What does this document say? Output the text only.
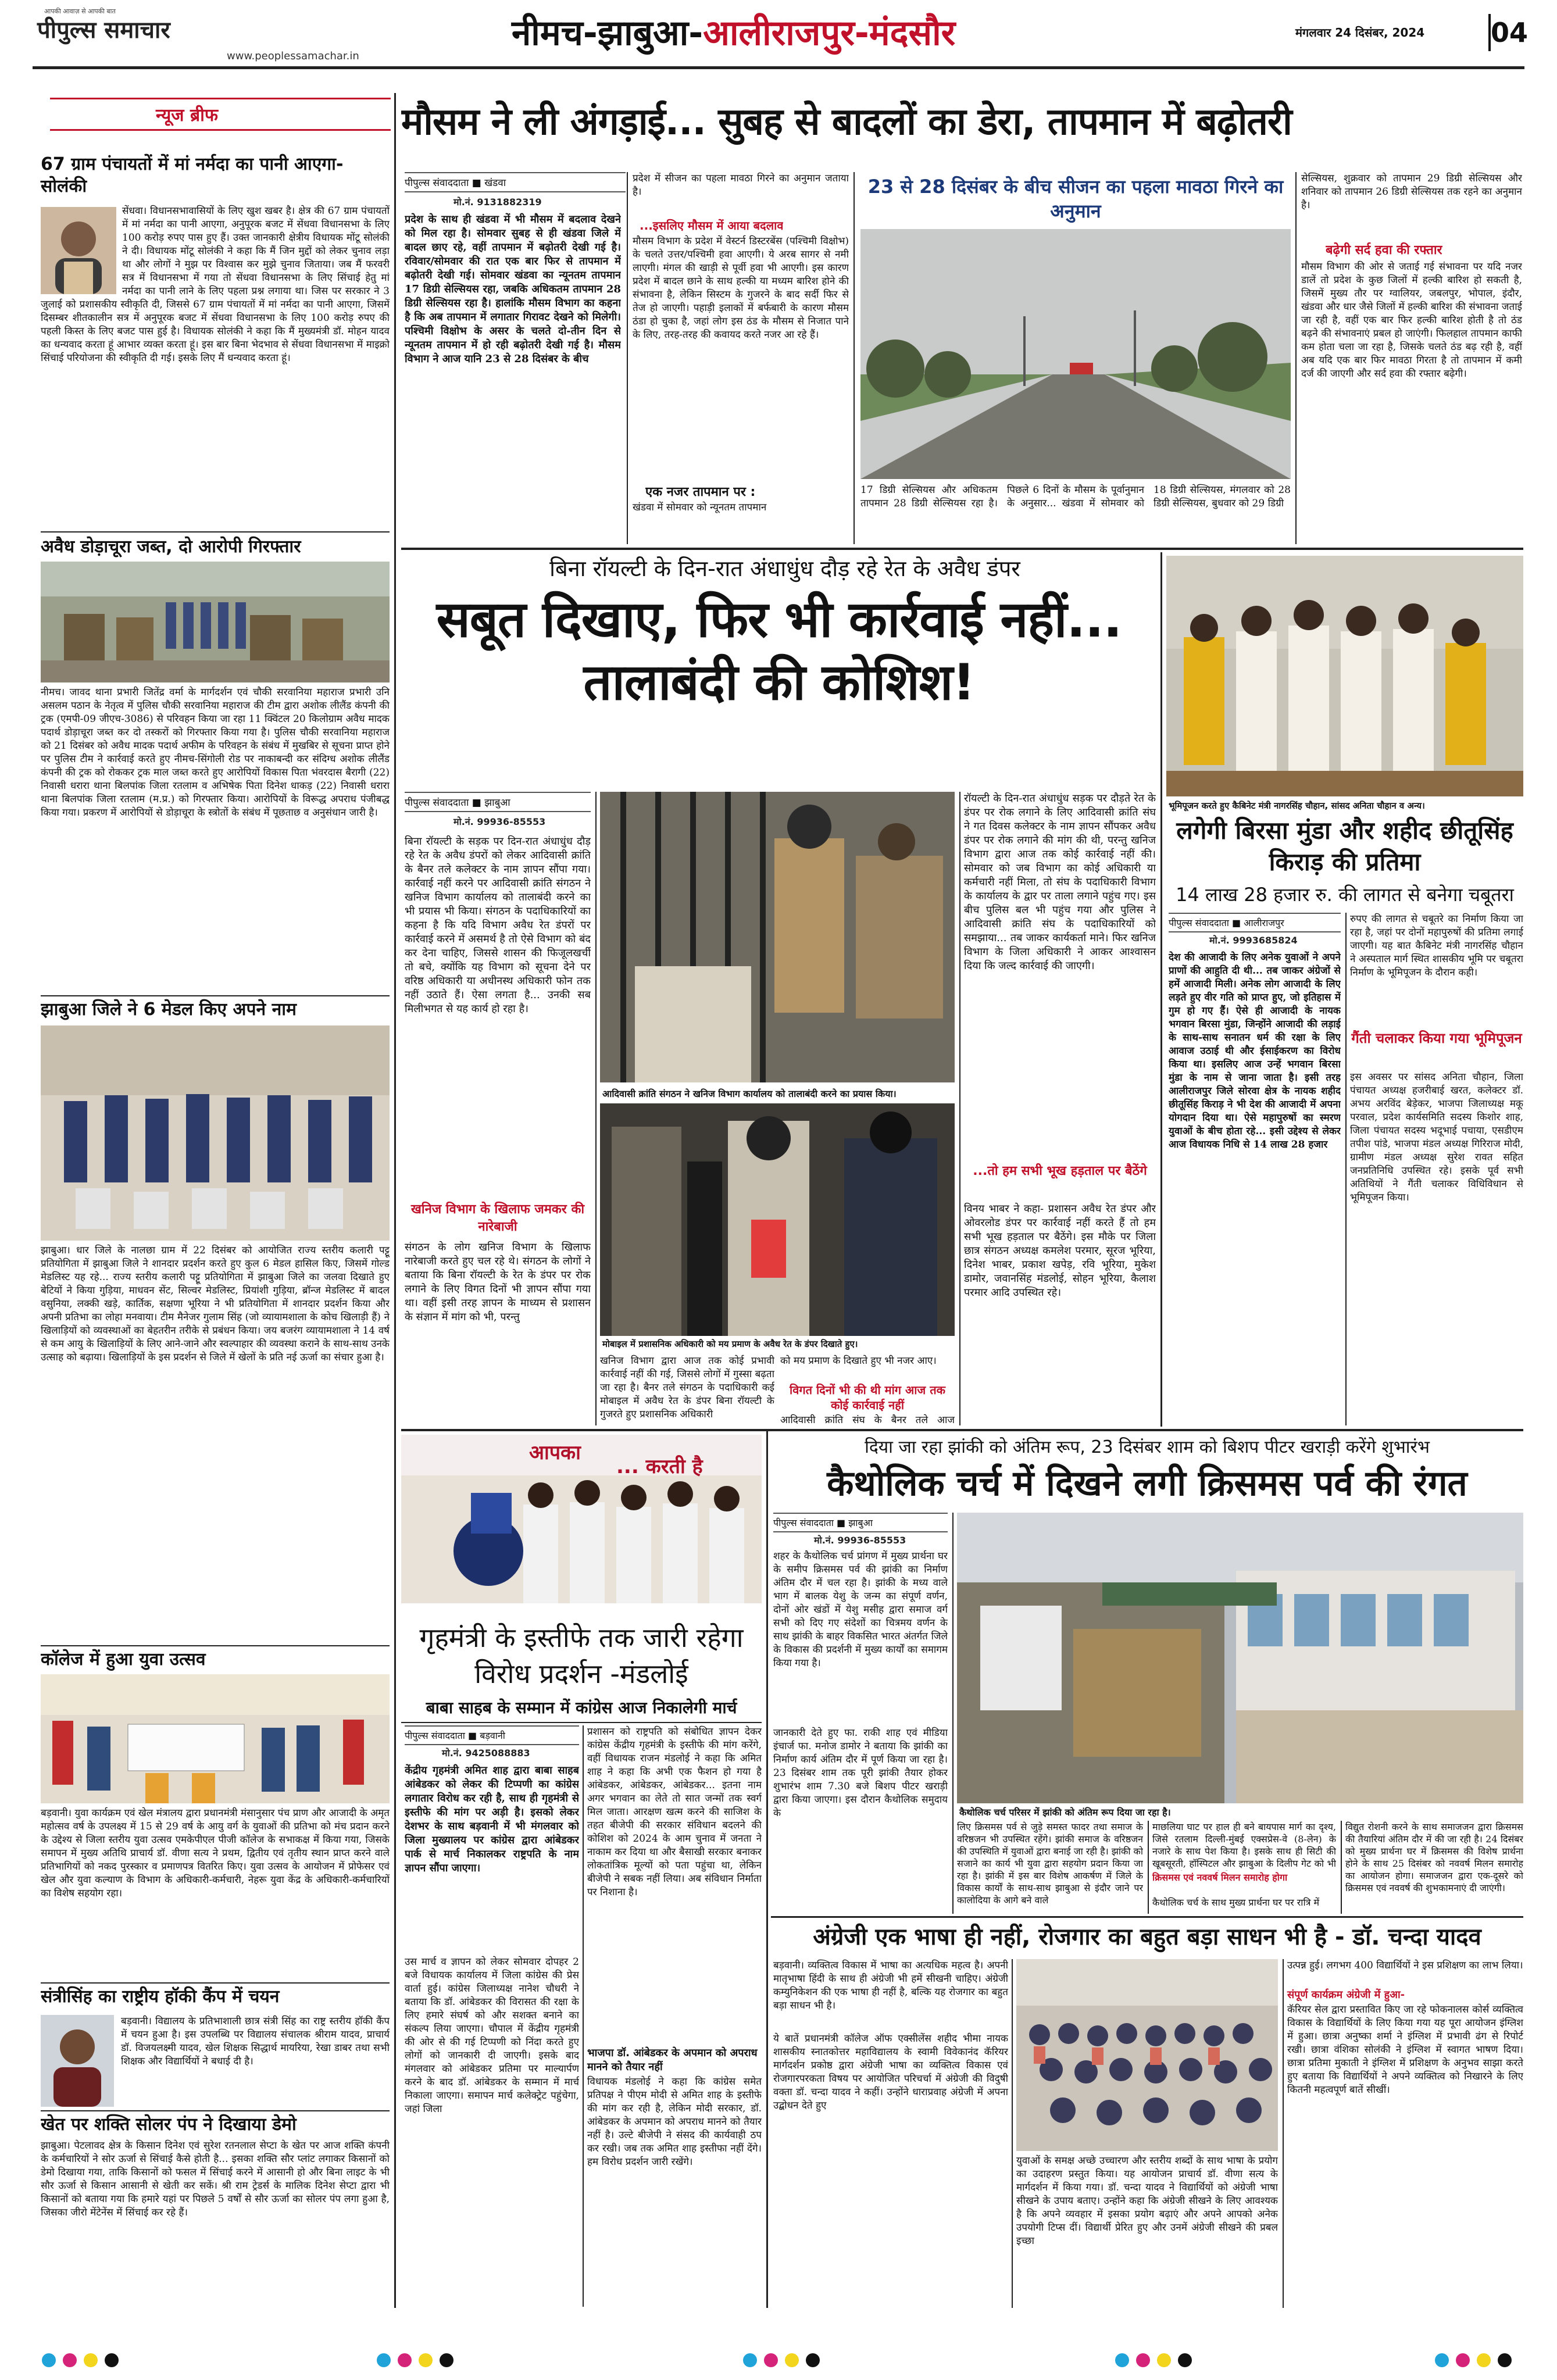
पीपुल्स समाचार
आपकी आवाज़ से आपकी बात
www.peoplessamachar.in
नीमच-झाबुआ-आलीराजपुर-मंदसौर	मंगलवार 24 दिसंबर, 2024 04
न्यूज ब्रीफ
67 ग्राम पंचायतों में मां नर्मदा का पानी आएगा- सोलंकी
सेंधवा। विधानसभावासियों के लिए खुश खबर है। क्षेत्र की 67 ग्राम पंचायतों में मां नर्मदा का पानी आएगा, अनुपूरक बजट में सेंधवा विधानसभा के लिए 100 करोड़ रुपए पास हुए हैं। उक्त जानकारी क्षेत्रीय विधायक मोंटू सोलंकी ने दी। विधायक मोंटू सोलंकी ने कहा कि मैं जिन मुद्दों को लेकर चुनाव लड़ा था और लोगों ने मुझ पर विश्वास कर मुझे चुनाव जिताया। जब मैं फरवरी सत्र में विधानसभा में गया तो सेंधवा विधानसभा के लिए सिंचाई हेतु मां नर्मदा का पानी लाने के लिए पहला प्रश्न लगाया था। जिस पर सरकार ने 3 जुलाई को प्रशासकीय स्वीकृति दी, जिससे 67 ग्राम पंचायतों में मां नर्मदा का पानी आएगा, जिसमें दिसम्बर शीतकालीन सत्र में अनुपूरक बजट में सेंधवा विधानसभा के लिए 100 करोड़ रुपए की पहली किस्त के लिए बजट पास हुई है। विधायक सोलंकी ने कहा कि मैं मुख्यमंत्री डॉ. मोहन यादव का धन्यवाद करता हूं आभार व्यक्त करता हूं। इस बार बिना भेदभाव से सेंधवा विधानसभा में माइक्रो सिंचाई परियोजना की स्वीकृति दी गई। इसके लिए मैं धन्यवाद करता हूं।
अवैध डोड़ाचूरा जब्त, दो आरोपी गिरफ्तार
नीमच। जावद थाना प्रभारी जितेंद्र वर्मा के मार्गदर्शन एवं चौकी सरवानिया महाराज प्रभारी उनि असलम पठान के नेतृत्व में पुलिस चौकी सरवानिया महाराज की टीम द्वारा अशोक लीलैंड कंपनी की ट्रक (एमपी-09 जीएच-3086) से परिवहन किया जा रहा 11 क्विंटल 20 किलोग्राम अवैध मादक पदार्थ डोड़ाचूरा जब्त कर दो तस्करों को गिरफ्तार किया गया है। पुलिस चौकी सरवानिया महाराज को 21 दिसंबर को अवैध मादक पदार्थ अफीम के परिवहन के संबंध में मुखबिर से सूचना प्राप्त होने पर पुलिस टीम ने कार्रवाई करते हुए नीमच-सिंगोली रोड पर नाकाबन्दी कर संदिग्ध अशोक लीलैंड कंपनी की ट्रक को रोककर ट्रक माल जब्त करते हुए आरोपियों विकास पिता भंवरदास बैरागी (22) निवासी धरारा थाना बिलपांक जिला रतलाम व अभिषेक पिता दिनेश धाकड़ (22) निवासी धरारा थाना बिलपांक जिला रतलाम (म.प्र.) को गिरफ्तार किया। आरोपियों के विरूद्ध अपराध पंजीबद्ध किया गया। प्रकरण में आरोपियों से डोड़ाचूरा के स्त्रोतों के संबंध में पूछताछ व अनुसंधान जारी है।
झाबुआ जिले ने 6 मेडल किए अपने नाम
झाबुआ। धार जिले के नालछा ग्राम में 22 दिसंबर को आयोजित राज्य स्तरीय कलारी पट्टू प्रतियोगिता में झाबुआ जिले ने शानदार प्रदर्शन करते हुए कुल 6 मेडल हासिल किए, जिसमें गोल्ड मेडलिस्ट यह रहे... राज्य स्तरीय कलारी पट्टू प्रतियोगिता में झाबुआ जिले का जलवा दिखाते हुए बेटियों ने किया गुड़िया, माधवन सेंट, सिल्वर मेडलिस्ट, प्रियांशी गुड़िया, ब्रॉन्ज मेडलिस्ट में बादल वसुनिया, लक्की खड़े, कार्तिक, सक्षणा भूरिया ने भी प्रतियोगिता में शानदार प्रदर्शन किया और अपनी प्रतिभा का लोहा मनवाया। टीम मैनेजर गुलाम सिंह (जो व्यायामशाला के कोच खिलाड़ी हैं) ने खिलाड़ियों को व्यवस्थाओं का बेहतरीन तरीके से प्रबंधन किया। जय बजरंग व्यायामशाला ने 14 वर्ष से कम आयु के खिलाड़ियों के लिए आने-जाने और स्वल्पाहार की व्यवस्था कराने के साथ-साथ उनके उत्साह को बढ़ाया। खिलाड़ियों के इस प्रदर्शन से जिले में खेलों के प्रति नई ऊर्जा का संचार हुआ है।
कॉलेज में हुआ युवा उत्सव
बड़वानी। युवा कार्यक्रम एवं खेल मंत्रालय द्वारा प्रधानमंत्री मंसानुसार पंच प्राण और आजादी के अमृत महोत्सव वर्ष के उपलक्ष्य में 15 से 29 वर्ष के आयु वर्ग के युवाओं की प्रतिभा को मंच प्रदान करने के उद्देश्य से जिला स्तरीय युवा उत्सव एमकेपीएल पीजी कॉलेज के सभाकक्ष में किया गया, जिसके समापन में मुख्य अतिथि प्राचार्य डॉ. वीणा सत्य ने प्रथम, द्वितीय एवं तृतीय स्थान प्राप्त करने वाले प्रतिभागियों को नकद पुरस्कार व प्रमाणपत्र वितरित किए। युवा उत्सव के आयोजन में प्रोफेसर एवं खेल और युवा कल्याण के विभाग के अधिकारी-कर्मचारी, नेहरू युवा केंद्र के अधिकारी-कर्मचारियों का विशेष सहयोग रहा।
संत्रीसिंह का राष्ट्रीय हॉकी कैंप में चयन
बड़वानी। विद्यालय के प्रतिभाशाली छात्र संत्री सिंह का राष्ट्र स्तरीय हॉकी कैंप में चयन हुआ है। इस उपलब्धि पर विद्यालय संचालक श्रीराम यादव, प्राचार्य डॉ. विजयलक्ष्मी यादव, खेल शिक्षक सिद्धार्थ मायरिया, रेखा डाबर तथा सभी शिक्षक और विद्यार्थियों ने बधाई दी है।
खेत पर शक्ति सोलर पंप ने दिखाया डेमो
झाबुआ। पेटलावद क्षेत्र के किसान दिनेश एवं सुरेश रतनलाल सेप्टा के खेत पर आज शक्ति कंपनी के कर्मचारियों ने सोर ऊर्जा से सिंचाई कैसे होती है... इसका शक्ति सौर प्लांट लगाकर किसानों को डेमो दिखाया गया, ताकि किसानों को फसल में सिंचाई करने में आसानी हो और बिना लाइट के भी सौर ऊर्जा से किसान आसानी से खेती कर सकें। श्री राम ट्रेडर्स के मालिक दिनेश सेप्टा द्वारा भी किसानों को बताया गया कि हमारे यहां पर पिछले 5 वर्षों से सौर ऊर्जा का सोलर पंप लगा हुआ है, जिसका जीरो मेंटेनेंस में सिंचाई कर रहे हैं।
मौसम ने ली अंगड़ाई... सुबह से बादलों का डेरा, तापमान में बढ़ोतरी
पीपुल्स संवाददाता ■ खंडवा
मो.नं. 9131882319
प्रदेश के साथ ही खंडवा में भी मौसम में बदलाव देखने को मिल रहा है। सोमवार सुबह से ही खंडवा जिले में बादल छाए रहे, वहीं तापमान में बढ़ोतरी देखी गई है। रविवार/सोमवार की रात एक बार फिर से तापमान में बढ़ोतरी देखी गई। सोमवार खंडवा का न्यूनतम तापमान 17 डिग्री सेल्सियस रहा, जबकि अधिकतम तापमान 28 डिग्री सेल्सियस रहा है। हालांकि मौसम विभाग का कहना है कि अब तापमान में लगातार गिरावट देखने को मिलेगी। पश्चिमी विक्षोभ के असर के चलते दो-तीन दिन से न्यूनतम तापमान में हो रही बढ़ोतरी देखी गई है। मौसम विभाग ने आज यानि 23 से 28 दिसंबर के बीच
प्रदेश में सीजन का पहला मावठा गिरने का अनुमान जताया है।
...इसलिए मौसम में आया बदलाव
मौसम विभाग के प्रदेश में वेस्टर्न डिस्टरबेंस (पश्चिमी विक्षोभ) के चलते उत्तर/पश्चिमी हवा आएगी। ये अरब सागर से नमी लाएगी। मंगल की खाड़ी से पूर्वी हवा भी आएगी। इस कारण प्रदेश में बादल छाने के साथ हल्की या मध्यम बारिश होने की संभावना है, लेकिन सिस्टम के गुजरने के बाद सर्दी फिर से तेज हो जाएगी। पहाड़ी इलाकों में बर्फबारी के कारण मौसम ठंडा हो चुका है, जहां लोग इस ठंड के मौसम से निजात पाने के लिए, तरह-तरह की कवायद करते नजर आ रहे हैं।
एक नजर तापमान पर :
खंडवा में सोमवार को न्यूनतम तापमान
23 से 28 दिसंबर के बीच सीजन का पहला मावठा गिरने का अनुमान
17 डिग्री सेल्सियस और अधिकतम तापमान 28 डिग्री सेल्सियस रहा है। पिछले 6 दिनों के मौसम के पूर्वानुमान के अनुसार... खंडवा में सोमवार को 18 डिग्री सेल्सियस, मंगलवार को 28 डिग्री सेल्सियस, बुधवार को 29 डिग्री
सेल्सियस, शुक्रवार को तापमान 29 डिग्री सेल्सियस और शनिवार को तापमान 26 डिग्री सेल्सियस तक रहने का अनुमान है।
बढ़ेगी सर्द हवा की रफ्तार
मौसम विभाग की ओर से जताई गई संभावना पर यदि नजर डालें तो प्रदेश के कुछ जिलों में हल्की बारिश हो सकती है, जिसमें मुख्य तौर पर ग्वालियर, जबलपुर, भोपाल, इंदौर, खंडवा और धार जैसे जिलों में हल्की बारिश की संभावना जताई जा रही है, वहीं एक बार फिर हल्की बारिश होती है तो ठंड बढ़ने की संभावनाएं प्रबल हो जाएंगी। फिलहाल तापमान काफी कम होता चला जा रहा है, जिसके चलते ठंड बढ़ रही है, वहीं अब यदि एक बार फिर मावठा गिरता है तो तापमान में कमी दर्ज की जाएगी और सर्द हवा की रफ्तार बढ़ेगी।
बिना रॉयल्टी के दिन-रात अंधाधुंध दौड़ रहे रेत के अवैध डंपर
सबूत दिखाए, फिर भी कार्रवाई नहीं... तालाबंदी की कोशिश!
पीपुल्स संवाददाता ■ झाबुआ
मो.नं. 99936-85553
बिना रॉयल्टी के सड़क पर दिन-रात अंधाधुंध दौड़ रहे रेत के अवैध डंपरों को लेकर आदिवासी क्रांति के बैनर तले कलेक्टर के नाम ज्ञापन सौंपा गया। कार्रवाई नहीं करने पर आदिवासी क्रांति संगठन ने खनिज विभाग कार्यालय को तालाबंदी करने का भी प्रयास भी किया। संगठन के पदाधिकारियों का कहना है कि यदि विभाग अवैध रेत डंपरों पर कार्रवाई करने में असमर्थ है तो ऐसे विभाग को बंद कर देना चाहिए, जिससे शासन की फिजूलखर्ची तो बचे, क्योंकि यह विभाग को सूचना देने पर वरिष्ठ अधिकारी या अधीनस्थ अधिकारी फोन तक नहीं उठाते हैं। ऐसा लगता है... उनकी सब मिलीभगत से यह कार्य हो रहा है।
खनिज विभाग के खिलाफ जमकर की नारेबाजी
संगठन के लोग खनिज विभाग के खिलाफ नारेबाजी करते हुए चल रहे थे। संगठन के लोगों ने बताया कि बिना रॉयल्टी के रेत के डंपर पर रोक लगाने के लिए विगत दिनों भी ज्ञापन सौंपा गया था। वहीं इसी तरह ज्ञापन के माध्यम से प्रशासन के संज्ञान में मांग को भी, परन्तु
आदिवासी क्रांति संगठन ने खनिज विभाग कार्यालय को तालाबंदी करने का प्रयास किया।
मोबाइल में प्रशासनिक अधिकारी को मय प्रमाण के अवैध रेत के डंपर दिखाते हुए।
खनिज विभाग द्वारा आज तक कोई प्रभावी कार्रवाई नहीं की गई, जिससे लोगों में गुस्सा बढ़ता जा रहा है। बैनर तले संगठन के पदाधिकारी कई मोबाइल में अवैध रेत के डंपर बिना रॉयल्टी के गुजरते हुए प्रशासनिक अधिकारी
को मय प्रमाण के दिखाते हुए भी नजर आए।
विगत दिनों भी की थी मांग आज तक कोई कार्रवाई नहीं
आदिवासी क्रांति संघ के बैनर तले आज
रॉयल्टी के दिन-रात अंधाधुंध सड़क पर दौड़ते रेत के डंपर पर रोक लगाने के लिए आदिवासी क्रांति संघ ने गत दिवस कलेक्टर के नाम ज्ञापन सौंपकर अवैध डंपर पर रोक लगाने की मांग की थी, परन्तु खनिज विभाग द्वारा आज तक कोई कार्रवाई नहीं की। सोमवार को जब विभाग का कोई अधिकारी या कर्मचारी नहीं मिला, तो संघ के पदाधिकारी विभाग के कार्यालय के द्वार पर ताला लगाने पहुंच गए। इस बीच पुलिस बल भी पहुंच गया और पुलिस ने आदिवासी क्रांति संघ के पदाधिकारियों को समझाया... तब जाकर कार्यकर्ता माने। फिर खनिज विभाग के जिला अधिकारी ने आकर आश्वासन दिया कि जल्द कार्रवाई की जाएगी।
...तो हम सभी भूख हड़ताल पर बैठेंगे
विनय भाबर ने कहा- प्रशासन अवैध रेत डंपर और ओवरलोड डंपर पर कार्रवाई नहीं करते हैं तो हम सभी भूख हड़ताल पर बैठेंगे। इस मौके पर जिला छात्र संगठन अध्यक्ष कमलेश परमार, सूरज भूरिया, दिनेश भाबर, प्रकाश खपेड़, रवि भूरिया, मुकेश डामोर, जवानसिंह मंडलोई, सोहन भूरिया, कैलाश परमार आदि उपस्थित रहे।
भूमिपूजन करते हुए कैबिनेट मंत्री नागरसिंह चौहान, सांसद अनिता चौहान व अन्य।
लगेगी बिरसा मुंडा और शहीद छीतूसिंह किराड़ की प्रतिमा
14 लाख 28 हजार रु. की लागत से बनेगा चबूतरा
पीपुल्स संवाददाता ■ आलीराजपुर
मो.नं. 9993685824
देश की आजादी के लिए अनेक युवाओं ने अपने प्राणों की आहुति दी थी... तब जाकर अंग्रेजों से हमें आजादी मिली। अनेक लोग आजादी के लिए लड़ते हुए वीर गति को प्राप्त हुए, जो इतिहास में गुम हो गए हैं। ऐसे ही आजादी के नायक भगवान बिरसा मुंडा, जिन्होंने आजादी की लड़ाई के साथ-साथ सनातन धर्म की रक्षा के लिए आवाज उठाई थी और ईसाईकरण का विरोध किया था। इसलिए आज उन्हें भगवान बिरसा मुंडा के नाम से जाना जाता है। इसी तरह आलीराजपुर जिले सोरवा क्षेत्र के नायक शहीद छीतूसिंह किराड़ ने भी देश की आजादी में अपना योगदान दिया था। ऐसे महापुरुषों का स्मरण युवाओं के बीच होता रहे... इसी उद्देश्य से लेकर आज विधायक निधि से 14 लाख 28 हजार
रुपए की लागत से चबूतरे का निर्माण किया जा रहा है, जहां पर दोनों महापुरुषों की प्रतिमा लगाई जाएगी। यह बात कैबिनेट मंत्री नागरसिंह चौहान ने अस्पताल मार्ग स्थित शासकीय भूमि पर चबूतरा निर्माण के भूमिपूजन के दौरान कही।
गैंती चलाकर किया गया भूमिपूजन
इस अवसर पर सांसद अनिता चौहान, जिला पंचायत अध्यक्ष हजरीबाई खरत, कलेक्टर डॉ. अभय अरविंद बेड़ेकर, भाजपा जिलाध्यक्ष मकू परवाल, प्रदेश कार्यसमिति सदस्य किशोर शाह, जिला पंचायत सदस्य भदूभाई पचाया, एसडीएम तपीश पांडे, भाजपा मंडल अध्यक्ष गिरिराज मोदी, ग्रामीण मंडल अध्यक्ष सुरेश रावत सहित जनप्रतिनिधि उपस्थित रहे। इसके पूर्व सभी अतिथियों ने गैंती चलाकर विधिविधान से भूमिपूजन किया।
आपका
... करती है
गृहमंत्री के इस्तीफे तक जारी रहेगा विरोध प्रदर्शन -मंडलोई
बाबा साहब के सम्मान में कांग्रेस आज निकालेगी मार्च
पीपुल्स संवाददाता ■ बड़वानी
मो.नं. 9425088883
केंद्रीय गृहमंत्री अमित शाह द्वारा बाबा साहब आंबेडकर को लेकर की टिप्पणी का कांग्रेस लगातार विरोध कर रही है, साथ ही गृहमंत्री से इस्तीफे की मांग पर अड़ी है। इसको लेकर देशभर के साथ बड़वानी में भी मंगलवार को जिला मुख्यालय पर कांग्रेस द्वारा आंबेडकर पार्क से मार्च निकालकर राष्ट्रपति के नाम ज्ञापन सौंपा जाएगा।
उस मार्च व ज्ञापन को लेकर सोमवार दोपहर 2 बजे विधायक कार्यालय में जिला कांग्रेस की प्रेस वार्ता हुई। कांग्रेस जिलाध्यक्ष नानेश चौधरी ने बताया कि डॉ. आंबेडकर की विरासत की रक्षा के लिए हमारे संघर्ष को और सशक्त बनाने का संकल्प लिया जाएगा। चौपाल में केंद्रीय गृहमंत्री की ओर से की गई टिप्पणी को निंदा करते हुए लोगों को जानकारी दी जाएगी। इसके बाद मंगलवार को आंबेडकर प्रतिमा पर माल्यार्पण करने के बाद डॉ. आंबेडकर के सम्मान में मार्च निकाला जाएगा। समापन मार्च कलेक्ट्रेट पहुंचेगा, जहां जिला
प्रशासन को राष्ट्रपति को संबोधित ज्ञापन देकर कांग्रेस केंद्रीय गृहमंत्री के इस्तीफे की मांग करेंगे, वहीं विधायक राजन मंडलोई ने कहा कि अमित शाह ने कहा कि अभी एक फैशन हो गया है आंबेडकर, आंबेडकर, आंबेडकर... इतना नाम अगर भगवान का लेते तो सात जन्मों तक स्वर्ग मिल जाता। आरक्षण खत्म करने की साजिश के तहत बीजेपी की सरकार संविधान बदलने की कोशिश को 2024 के आम चुनाव में जनता ने नाकाम कर दिया था और बैसाखी सरकार बनाकर लोकतांत्रिक मूल्यों को पता पहुंचा था, लेकिन बीजेपी ने सबक नहीं लिया। अब संविधान निर्माता पर निशाना है।
भाजपा डॉ. आंबेडकर के अपमान को अपराध मानने को तैयार नहीं
विधायक मंडलोई ने कहा कि कांग्रेस समेत प्रतिपक्ष ने पीएम मोदी से अमित शाह के इस्तीफे की मांग कर रही है, लेकिन मोदी सरकार, डॉ. आंबेडकर के अपमान को अपराध मानने को तैयार नहीं है। उल्टे बीजेपी ने संसद की कार्यवाही ठप कर रखी। जब तक अमित शाह इस्तीफा नहीं देंगे। हम विरोध प्रदर्शन जारी रखेंगे।
दिया जा रहा झांकी को अंतिम रूप, 23 दिसंबर शाम को बिशप पीटर खराड़ी करेंगे शुभारंभ
कैथोलिक चर्च में दिखने लगी क्रिसमस पर्व की रंगत
पीपुल्स संवाददाता ■ झाबुआ
मो.नं. 99936-85553
शहर के कैथोलिक चर्च प्रांगण में मुख्य प्रार्थना घर के समीप क्रिसमस पर्व की झांकी का निर्माण अंतिम दौर में चल रहा है। झांकी के मध्य वाले भाग में बालक येशु के जन्म का संपूर्ण वर्णन, दोनों ओर खंडों में येशु मसीह द्वारा समाज वर्ग सभी को दिए गए संदेशों का चित्रमय वर्णन के साथ झांकी के बाहर विकसित भारत अंतर्गत जिले के विकास की प्रदर्शनी में मुख्य कार्यों का समागम किया गया है।
जानकारी देते हुए फा. राकी शाह एवं मीडिया इंचार्ज फा. मनोज डामोर ने बताया कि झांकी का निर्माण कार्य अंतिम दौर में पूर्ण किया जा रहा है। 23 दिसंबर शाम तक पूरी झांकी तैयार होकर शुभारंभ शाम 7.30 बजे बिशप पीटर खराड़ी द्वारा किया जाएगा। इस दौरान कैथोलिक समुदाय के	कैथोलिक चर्च परिसर में झांकी को अंतिम रूप दिया जा रहा है।
लिए क्रिसमस पर्व से जुड़े समस्त फादर तथा समाज के वरिष्ठजन भी उपस्थित रहेंगे। झांकी समाज के वरिष्ठजन की उपस्थिति में युवाओं द्वारा बनाई जा रही है। झांकी को सजाने का कार्य भी युवा द्वारा सहयोग प्रदान किया जा रहा है। झांकी में इस बार विशेष आकर्षण में जिले के विकास कार्यों के साथ-साथ झाबुआ से इंदौर जाने पर कालोदिया के आगे बने वाले
माछलिया घाट पर हाल ही बने बायपास मार्ग का दृश्य, जिसे रतलाम दिल्ली-मुंबई एक्सप्रेस-वे (8-लेन) के नजारे के साथ पेश किया है। इसके साथ ही सिटी की खूबसूरती, हॉस्पिटल और झाबुआ के दिलीप गेट को भी
क्रिसमस एवं नववर्ष मिलन समारोह होगा
कैथोलिक चर्च के साथ मुख्य प्रार्थना घर पर रात्रि में
विद्युत रोशनी करने के साथ समाजजन द्वारा क्रिसमस की तैयारियां अंतिम दौर में की जा रही है। 24 दिसंबर को मुख्य प्रार्थना घर में क्रिसमस की विशेष प्रार्थना होने के साथ 25 दिसंबर को नववर्ष मिलन समारोह का आयोजन होगा। समाजजन द्वारा एक-दूसरे को क्रिसमस एवं नववर्ष की शुभकामनाएं दी जाएंगी।
अंग्रेजी एक भाषा ही नहीं, रोजगार का बहुत बड़ा साधन भी है - डॉ. चन्दा यादव
बड़वानी। व्यक्तित्व विकास में भाषा का अत्यधिक महत्व है। अपनी मातृभाषा हिंदी के साथ ही अंग्रेजी भी हमें सीखनी चाहिए। अंग्रेजी कम्युनिकेशन की एक भाषा ही नहीं है, बल्कि यह रोजगार का बहुत बड़ा साधन भी है।
ये बातें प्रधानमंत्री कॉलेज ऑफ एक्सीलेंस शहीद भीमा नायक शासकीय स्नातकोत्तर महाविद्यालय के स्वामी विवेकानंद कॅरियर मार्गदर्शन प्रकोष्ठ द्वारा अंग्रेजी भाषा का व्यक्तित्व विकास एवं रोजगारपरकता विषय पर आयोजित परिचर्चा में अंग्रेजी की विदुषी वक्ता डॉ. चन्दा यादव ने कहीं। उन्होंने धाराप्रवाह अंग्रेजी में अपना उद्बोधन देते हुए
युवाओं के समक्ष अच्छे उच्चारण और स्तरीय शब्दों के साथ भाषा के प्रयोग का उदाहरण प्रस्तुत किया। यह आयोजन प्राचार्य डॉ. वीणा सत्य के मार्गदर्शन में किया गया। डॉ. चन्दा यादव ने विद्यार्थियों को अंग्रेजी भाषा सीखने के उपाय बताए। उन्होंने कहा कि अंग्रेजी सीखने के लिए आवश्यक है कि अपने व्यवहार में इसका प्रयोग बढ़ाएं और अपने आपको अनेक उपयोगी टिप्स दीं। विद्यार्थी प्रेरित हुए और उनमें अंग्रेजी सीखने की प्रबल इच्छा
उत्पन्न हुई। लगभग 400 विद्यार्थियों ने इस प्रशिक्षण का लाभ लिया।
संपूर्ण कार्यक्रम अंग्रेजी में हुआ-
कॅरियर सेल द्वारा प्रस्तावित किए जा रहे फोकनालस कोर्स व्यक्तित्व विकास के विद्यार्थियों के लिए किया गया यह पूरा आयोजन इंग्लिश में हुआ। छात्रा अनुष्का शर्मा ने इंग्लिश में प्रभावी ढंग से रिपोर्ट रखी। छात्रा वंशिका सोलंकी ने इंग्लिश में स्वागत भाषण दिया। छात्रा प्रतिमा मुकाती ने इंग्लिश में प्रशिक्षण के अनुभव साझा करते हुए बताया कि विद्यार्थियों ने अपने व्यक्तित्व को निखारने के लिए कितनी महत्वपूर्ण बातें सीखीं।
